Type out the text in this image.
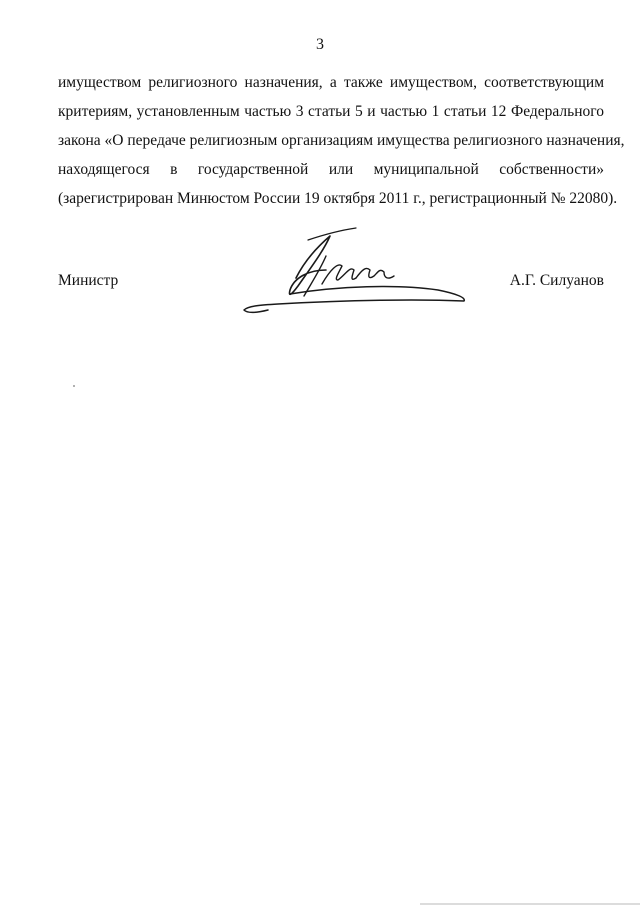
3
имуществом религиозного назначения, а также имуществом, соответствующим
критериям, установленным частью 3 статьи 5 и частью 1 статьи 12 Федерального
закона «О передаче религиозным организациям имущества религиозного назначения,
находящегося в государственной или муниципальной собственности»
(зарегистрирован Минюстом России 19 октября 2011 г., регистрационный № 22080).
Министр	А.Г. Силуанов
